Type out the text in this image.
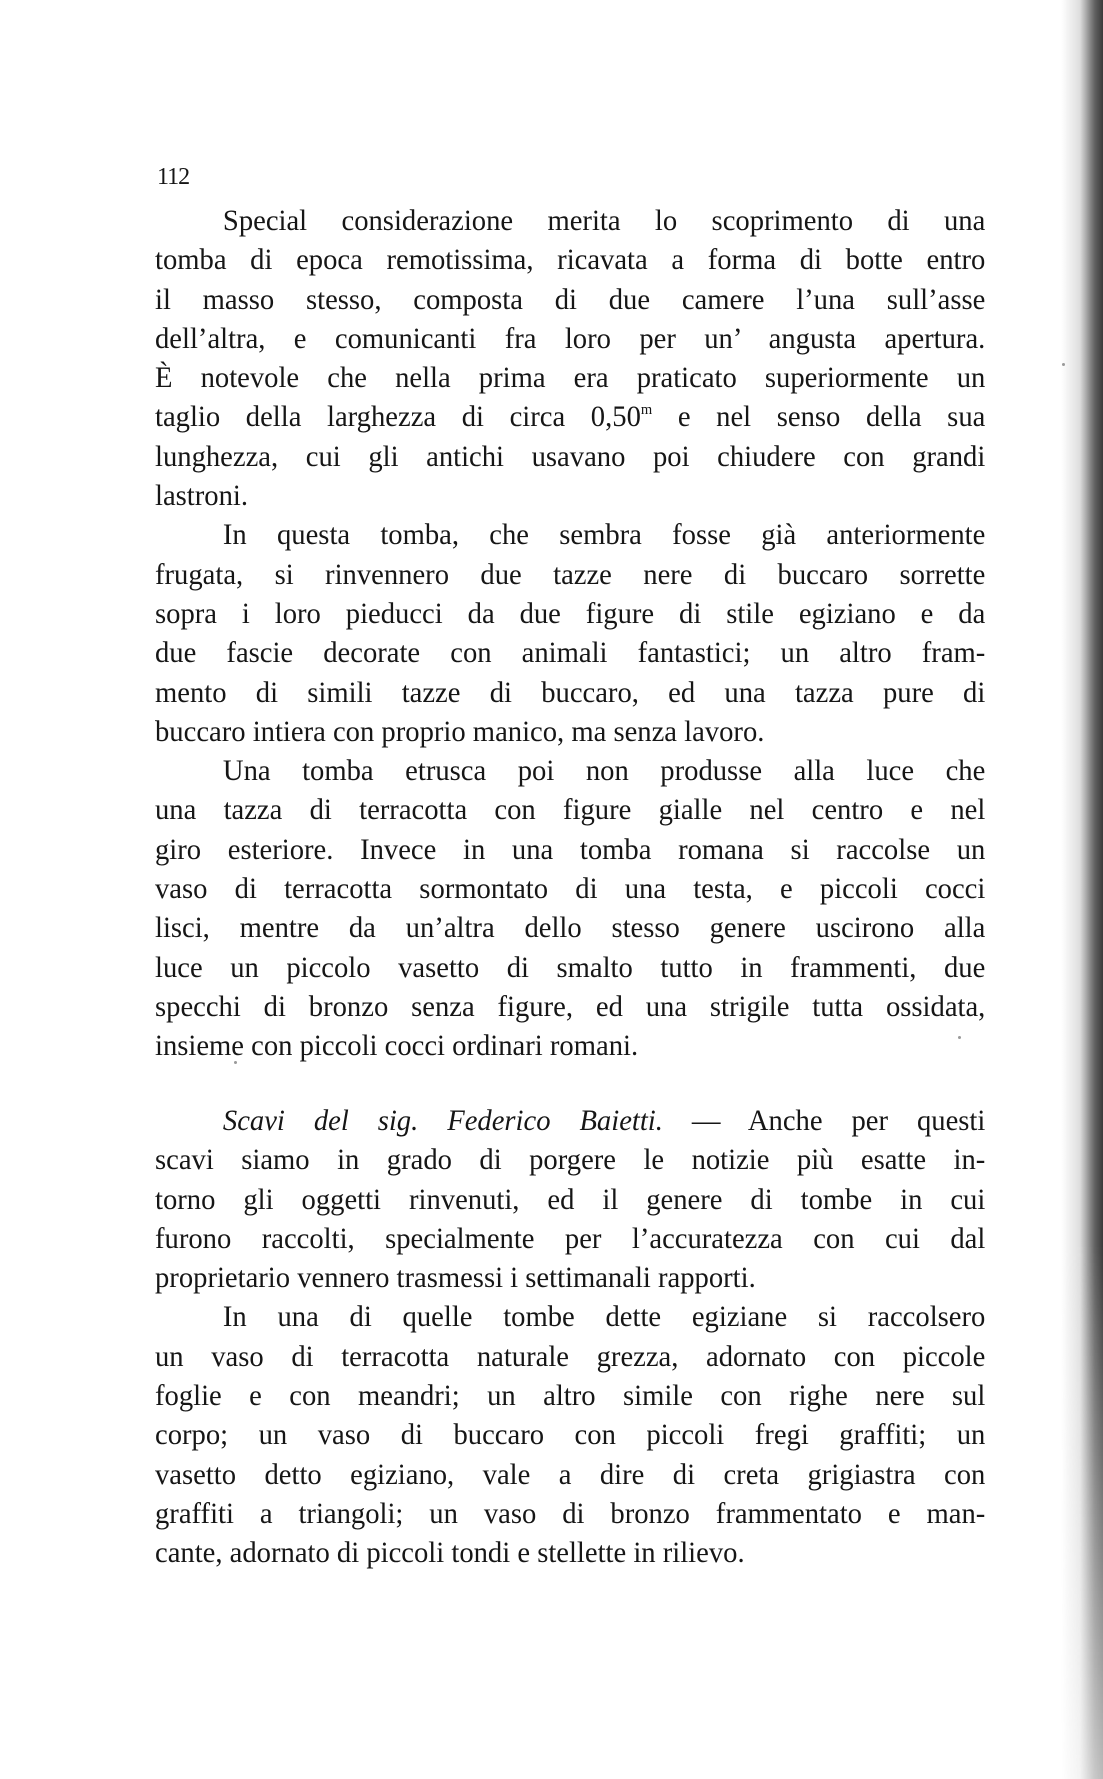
112
Special considerazione merita lo scoprimento di una
tomba di epoca remotissima, ricavata a forma di botte entro
il masso stesso, composta di due camere l’una sull’asse
dell’altra, e comunicanti fra loro per un’ angusta apertura.
È notevole che nella prima era praticato superiormente un
taglio della larghezza di circa 0,50$^m$ e nel senso della sua
lunghezza, cui gli antichi usavano poi chiudere con grandi
lastroni.
In questa tomba, che sembra fosse già anteriormente
frugata, si rinvennero due tazze nere di buccaro sorrette
sopra i loro pieducci da due figure di stile egiziano e da
due fascie decorate con animali fantastici; un altro fram-
mento di simili tazze di buccaro, ed una tazza pure di
buccaro intiera con proprio manico, ma senza lavoro.
Una tomba etrusca poi non produsse alla luce che
una tazza di terracotta con figure gialle nel centro e nel
giro esteriore. Invece in una tomba romana si raccolse un
vaso di terracotta sormontato di una testa, e piccoli cocci
lisci, mentre da un’altra dello stesso genere uscirono alla
luce un piccolo vasetto di smalto tutto in frammenti, due
specchi di bronzo senza figure, ed una strigile tutta ossidata,
insieme con piccoli cocci ordinari romani.
Scavi del sig. Federico Baietti. — Anche per questi
scavi siamo in grado di porgere le notizie più esatte in-
torno gli oggetti rinvenuti, ed il genere di tombe in cui
furono raccolti, specialmente per l’accuratezza con cui dal
proprietario vennero trasmessi i settimanali rapporti.
In una di quelle tombe dette egiziane si raccolsero
un vaso di terracotta naturale grezza, adornato con piccole
foglie e con meandri; un altro simile con righe nere sul
corpo; un vaso di buccaro con piccoli fregi graffiti; un
vasetto detto egiziano, vale a dire di creta grigiastra con
graffiti a triangoli; un vaso di bronzo frammentato e man-
cante, adornato di piccoli tondi e stellette in rilievo.
